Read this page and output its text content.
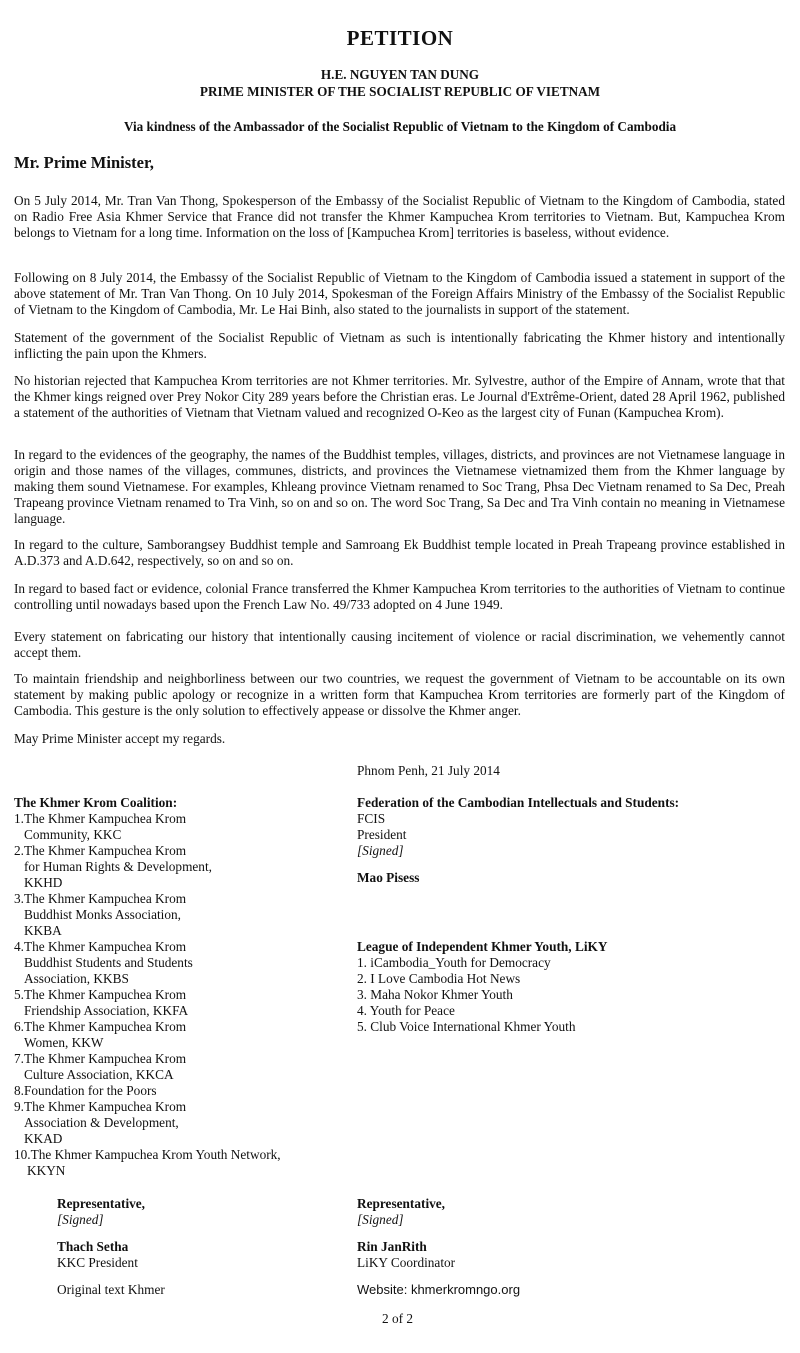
PETITION
H.E. NGUYEN TAN DUNG
PRIME MINISTER OF THE SOCIALIST REPUBLIC OF VIETNAM
Via kindness of the Ambassador of the Socialist Republic of Vietnam to the Kingdom of Cambodia
Mr. Prime Minister,

On 5 July 2014, Mr. Tran Van Thong, Spokesperson of the Embassy of the Socialist Republic of Vietnam to the Kingdom of Cambodia, stated on Radio Free Asia Khmer Service that France did not transfer the Khmer Kampuchea Krom territories to Vietnam. But, Kampuchea Krom belongs to Vietnam for a long time. Information on the loss of [Kampuchea Krom] territories is baseless, without evidence.

Following on 8 July 2014, the Embassy of the Socialist Republic of Vietnam to the Kingdom of Cambodia issued a statement in support of the above statement of Mr. Tran Van Thong. On 10 July 2014, Spokesman of the Foreign Affairs Ministry of the Embassy of the Socialist Republic of Vietnam to the Kingdom of Cambodia, Mr. Le Hai Binh, also stated to the journalists in support of the statement.

Statement of the government of the Socialist Republic of Vietnam as such is intentionally fabricating the Khmer history and intentionally inflicting the pain upon the Khmers.

No historian rejected that Kampuchea Krom territories are not Khmer territories. Mr. Sylvestre, author of the Empire of Annam, wrote that that the Khmer kings reigned over Prey Nokor City 289 years before the Christian eras. Le Journal d'Extrême-Orient, dated 28 April 1962, published a statement of the authorities of Vietnam that Vietnam valued and recognized O-Keo as the largest city of Funan (Kampuchea Krom).

In regard to the evidences of the geography, the names of the Buddhist temples, villages, districts, and provinces are not Vietnamese language in origin and those names of the villages, communes, districts, and provinces the Vietnamese vietnamized them from the Khmer language by making them sound Vietnamese. For examples, Khleang province Vietnam renamed to Soc Trang, Phsa Dec Vietnam renamed to Sa Dec, Preah Trapeang province Vietnam renamed to Tra Vinh, so on and so on. The word Soc Trang, Sa Dec and Tra Vinh contain no meaning in Vietnamese language.

In regard to the culture, Samborangsey Buddhist temple and Samroang Ek Buddhist temple located in Preah Trapeang province established in A.D.373 and A.D.642, respectively, so on and so on.

In regard to based fact or evidence, colonial France transferred the Khmer Kampuchea Krom territories to the authorities of Vietnam to continue controlling until nowadays based upon the French Law No. 49/733 adopted on 4 June 1949.

Every statement on fabricating our history that intentionally causing incitement of violence or racial discrimination, we vehemently cannot accept them.

To maintain friendship and neighborliness between our two countries, we request the government of Vietnam to be accountable on its own statement by making public apology or recognize in a written form that Kampuchea Krom territories are formerly part of the Kingdom of Cambodia. This gesture is the only solution to effectively appease or dissolve the Khmer anger.

May Prime Minister accept my regards.

Phnom Penh, 21 July 2014
The Khmer Krom Coalition:
1.The Khmer Kampuchea Krom
Community, KKC
2.The Khmer Kampuchea Krom
for Human Rights & Development,
KKHD
3.The Khmer Kampuchea Krom
Buddhist Monks Association,
KKBA
4.The Khmer Kampuchea Krom
Buddhist Students and Students
Association, KKBS
5.The Khmer Kampuchea Krom
Friendship Association, KKFA
6.The Khmer Kampuchea Krom
Women, KKW
7.The Khmer Kampuchea Krom
Culture Association, KKCA
8.Foundation for the Poors
9.The Khmer Kampuchea Krom
Association & Development,
KKAD
10.The Khmer Kampuchea Krom Youth Network,
KKYN
Federation of the Cambodian Intellectuals and Students:
FCIS
President
[Signed]
Mao Pisess
League of Independent Khmer Youth, LiKY
1. iCambodia_Youth for Democracy
2. I Love Cambodia Hot News
3. Maha Nokor Khmer Youth
4. Youth for Peace
5. Club Voice International Khmer Youth
Representative,
[Signed]
Thach Setha
KKC President
Original text Khmer
Representative,
[Signed]
Rin JanRith
LiKY Coordinator
Website: khmerkromngo.org
2 of 2
